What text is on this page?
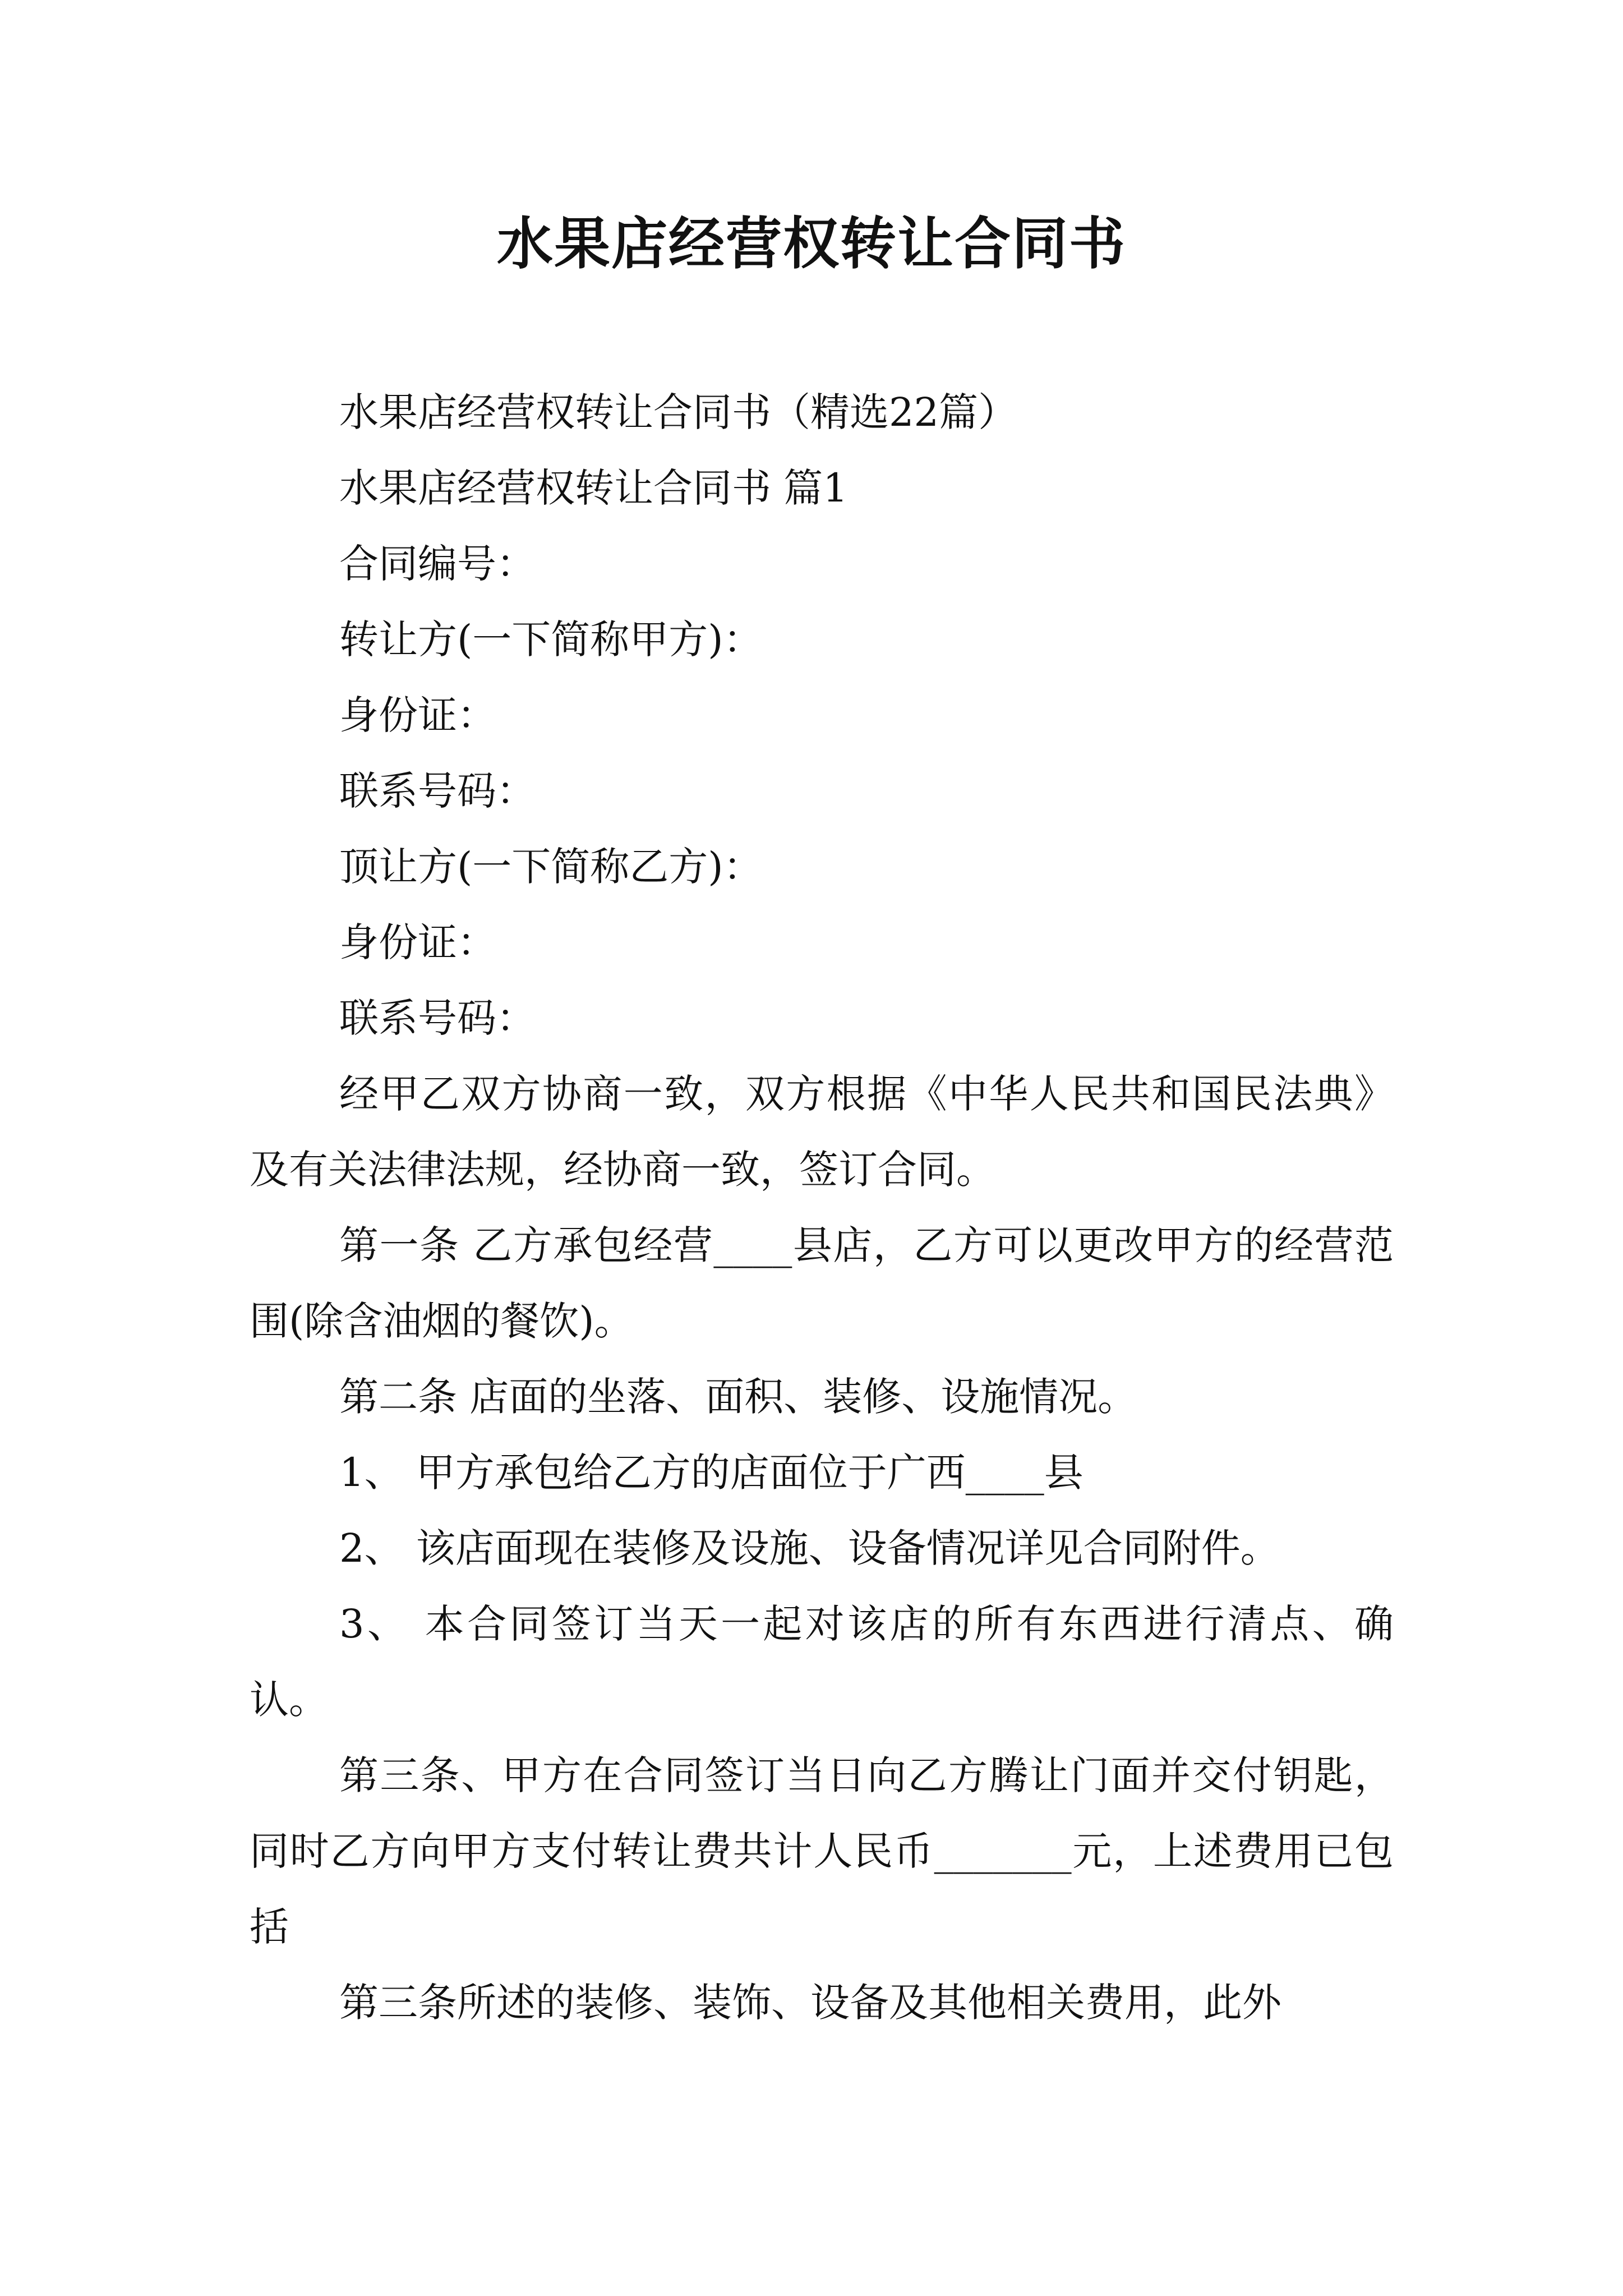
水果店经营权转让合同书

水果店经营权转让合同书（精选22篇）

水果店经营权转让合同书 篇1

合同编号：

转让方(一下简称甲方)：

身份证：

联系号码：

顶让方(一下简称乙方)：

身份证：

联系号码：

经甲乙双方协商一致，双方根据《中华人民共和国民法典》及有关法律法规，经协商一致，签订合同。

第一条 乙方承包经营____县店，乙方可以更改甲方的经营范围(除含油烟的餐饮)。

第二条 店面的坐落、面积、装修、设施情况。

1、 甲方承包给乙方的店面位于广西____县

2、 该店面现在装修及设施、设备情况详见合同附件。

3、 本合同签订当天一起对该店的所有东西进行清点、确认。

第三条、甲方在合同签订当日向乙方腾让门面并交付钥匙，同时乙方向甲方支付转让费共计人民币_______元，上述费用已包括

第三条所述的装修、装饰、设备及其他相关费用，此外
